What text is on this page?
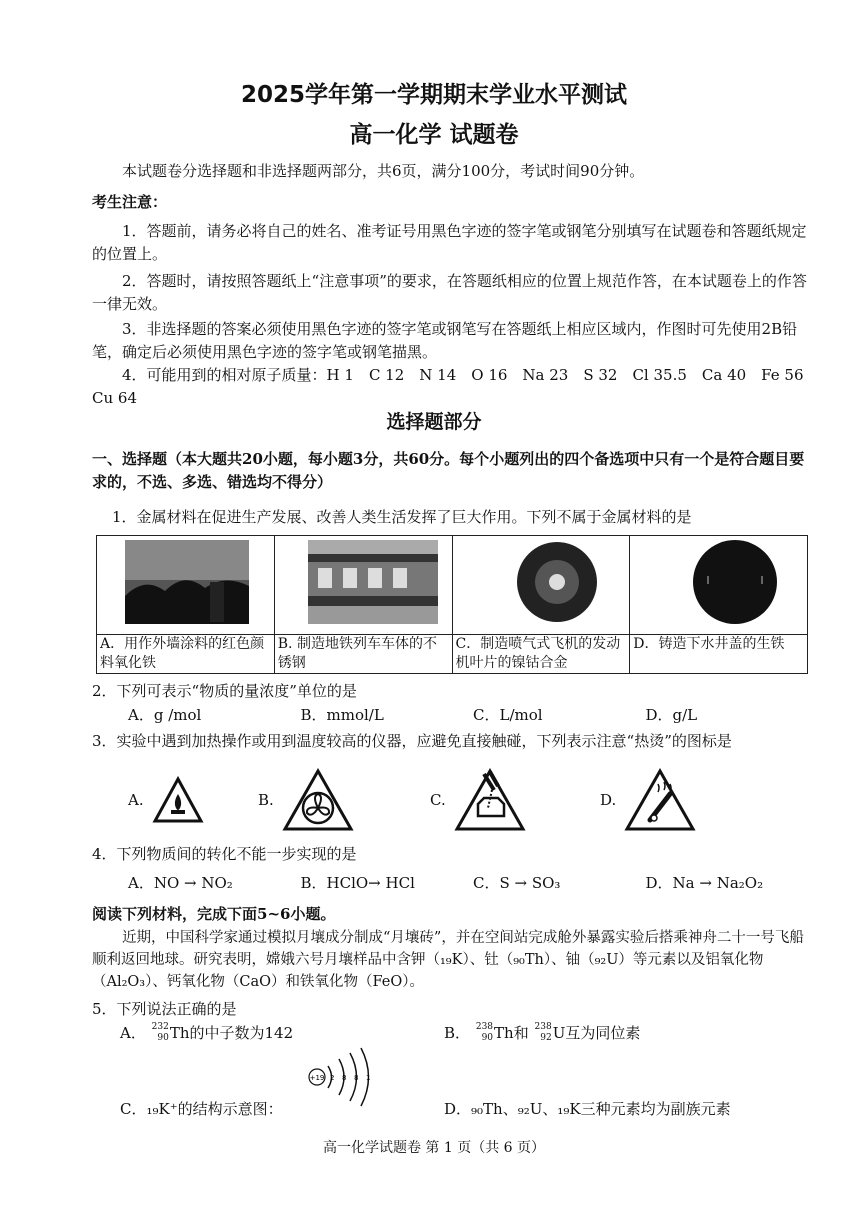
2025学年第一学期期末学业水平测试
高一化学 试题卷
本试题卷分选择题和非选择题两部分，共6页，满分100分，考试时间90分钟。
考生注意：
1．答题前，请务必将自己的姓名、准考证号用黑色字迹的签字笔或钢笔分别填写在试题卷和答题纸规定的位置上。
2．答题时，请按照答题纸上“注意事项”的要求，在答题纸相应的位置上规范作答，在本试题卷上的作答一律无效。
3．非选择题的答案必须使用黑色字迹的签字笔或钢笔写在答题纸上相应区域内，作图时可先使用2B铅笔，确定后必须使用黑色字迹的签字笔或钢笔描黑。
4．可能用到的相对原子质量：H 1　C 12　N 14　O 16　Na 23　S 32　Cl 35.5　Ca 40　Fe 56　Cu 64
选择题部分
一、选择题（本大题共20小题，每小题3分，共60分。每个小题列出的四个备选项中只有一个是符合题目要求的，不选、多选、错选均不得分）
1．金属材料在促进生产发展、改善人类生活发挥了巨大作用。下列不属于金属材料的是

A．用作外墙涂料的红色颜料氧化铁	B. 制造地铁列车车体的不锈钢	C．制造喷气式飞机的发动机叶片的镍钴合金	D．铸造下水井盖的生铁
2．下列可表示“物质的量浓度”单位的是
A．g /mol	B．mmol/L	C．L/mol	D．g/L
3．实验中遇到加热操作或用到温度较高的仪器，应避免直接触碰，下列表示注意“热烫”的图标是
A.	B.	C.	D.
4．下列物质间的转化不能一步实现的是
A．NO → NO₂	B．HClO→ HCl	C．S → SO₃	D．Na → Na₂O₂
阅读下列材料，完成下面5~6小题。
近期，中国科学家通过模拟月壤成分制成“月壤砖”，并在空间站完成舱外暴露实验后搭乘神舟二十一号飞船顺利返回地球。研究表明，嫦娥六号月壤样品中含钾（₁₉K）、钍（₉₀Th）、铀（₉₂U）等元素以及铝氧化物（Al₂O₃）、钙氧化物（CaO）和铁氧化物（FeO）。
5．下列说法正确的是
A． 232
90 Th 的中子数为142	B． 238
90 Th 和 238
92 U 互为同位素
+19 2 8 8 1
C． ₁₉K⁺的结构示意图：	D．₉₀Th、₉₂U、₁₉K三种元素均为副族元素
高一化学试题卷 第 1 页（共 6 页）
